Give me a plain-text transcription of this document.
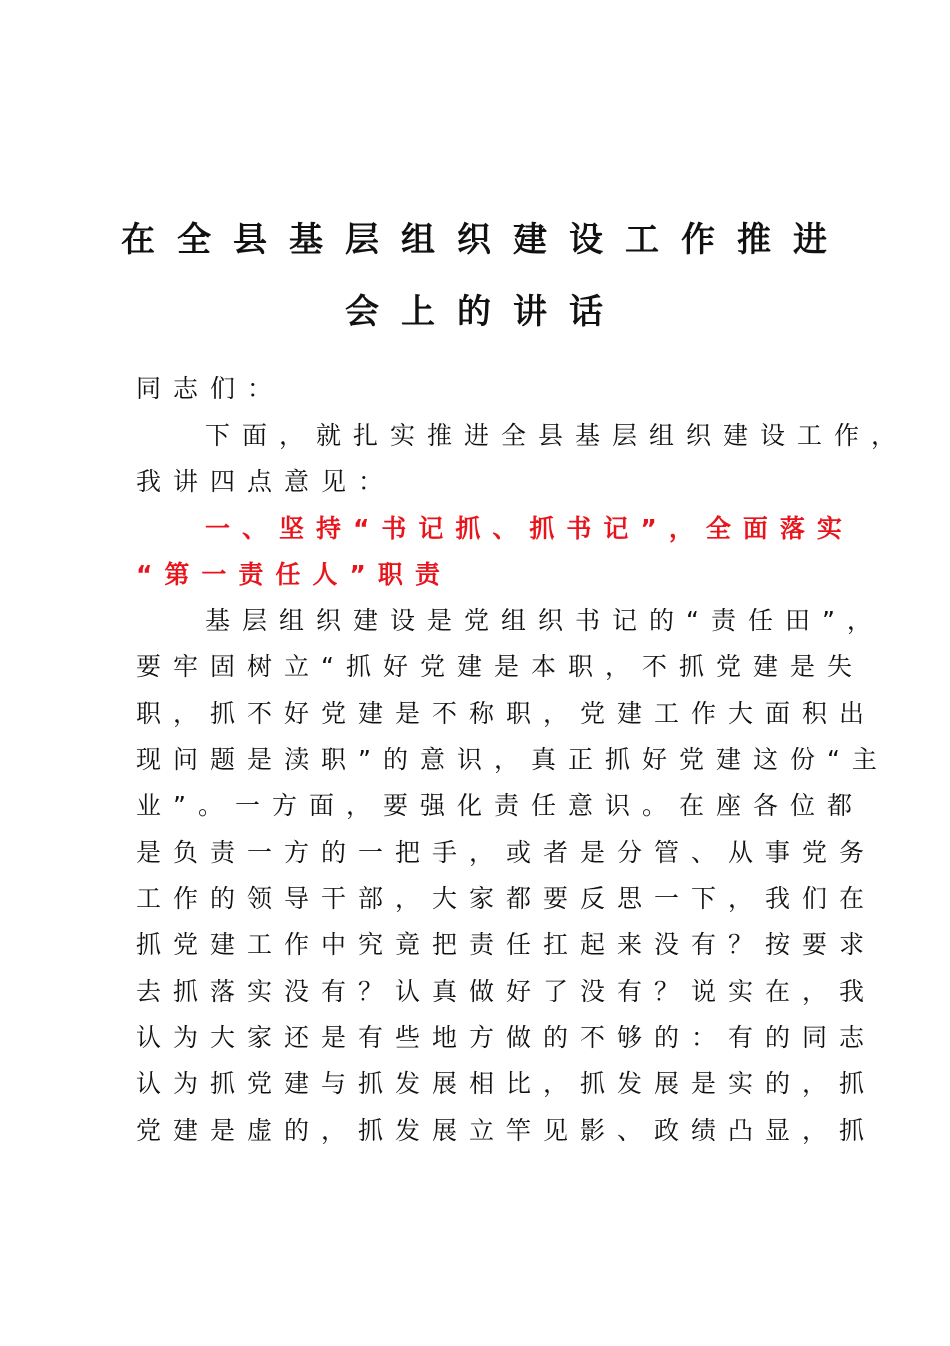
在全县基层组织建设工作推进
会上的讲话
同志们：
下面，就扎实推进全县基层组织建设工作，
我讲四点意见：
一、坚持“书记抓、抓书记”，全面落实
“第一责任人”职责
基层组织建设是党组织书记的“责任田”，
要牢固树立“抓好党建是本职，不抓党建是失
职，抓不好党建是不称职，党建工作大面积出
现问题是渎职”的意识，真正抓好党建这份“主
业”。一方面，要强化责任意识。在座各位都
是负责一方的一把手，或者是分管、从事党务
工作的领导干部，大家都要反思一下，我们在
抓党建工作中究竟把责任扛起来没有？按要求
去抓落实没有？认真做好了没有？说实在，我
认为大家还是有些地方做的不够的：有的同志
认为抓党建与抓发展相比，抓发展是实的，抓
党建是虚的，抓发展立竿见影、政绩凸显，抓
